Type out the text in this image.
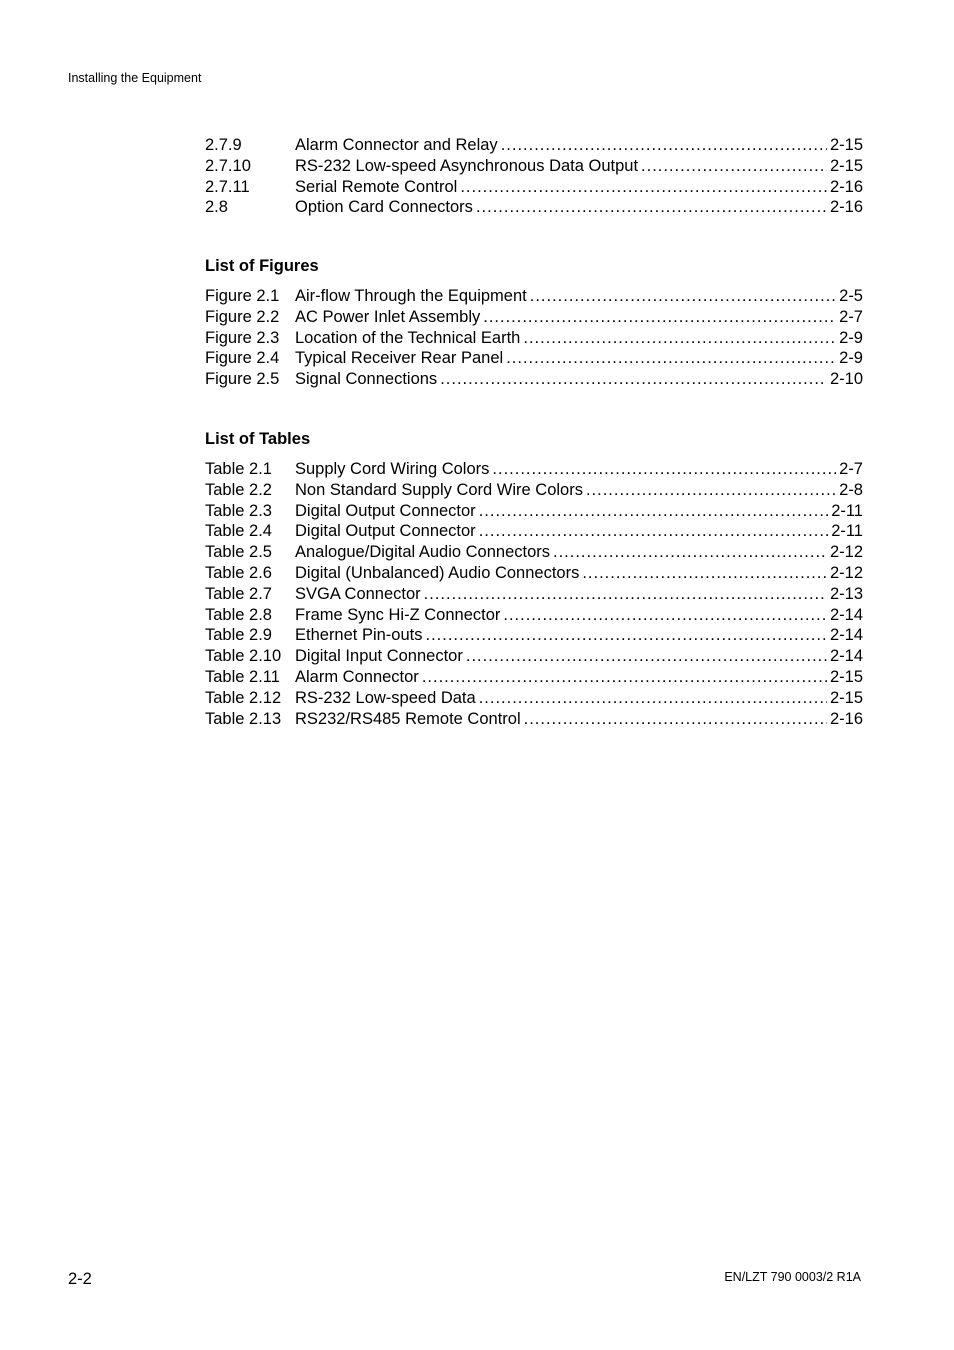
Installing the Equipment
2.7.9	Alarm Connector and Relay .....	2-15
2.7.10	RS-232 Low-speed Asynchronous Data Output .....	2-15
2.7.11	Serial Remote Control .....	2-16
2.8	Option Card Connectors .....	2-16
List of Figures
Figure 2.1 Air-flow Through the Equipment .....	2-5
Figure 2.2 AC Power Inlet Assembly .....	2-7
Figure 2.3 Location of the Technical Earth .....	2-9
Figure 2.4 Typical Receiver Rear Panel .....	2-9
Figure 2.5 Signal Connections .....	2-10
List of Tables
Table 2.1	Supply Cord Wiring Colors .....	2-7
Table 2.2	Non Standard Supply Cord Wire Colors .....	2-8
Table 2.3	Digital Output Connector .....	2-11
Table 2.4	Digital Output Connector .....	2-11
Table 2.5	Analogue/Digital Audio Connectors .....	2-12
Table 2.6	Digital (Unbalanced) Audio Connectors .....	2-12
Table 2.7	SVGA Connector .....	2-13
Table 2.8	Frame Sync Hi-Z Connector .....	2-14
Table 2.9	Ethernet Pin-outs .....	2-14
Table 2.10 Digital Input Connector .....	2-14
Table 2.11 Alarm Connector .....	2-15
Table 2.12 RS-232 Low-speed Data .....	2-15
Table 2.13 RS232/RS485 Remote Control .....	2-16
2-2	EN/LZT 790 0003/2 R1A
